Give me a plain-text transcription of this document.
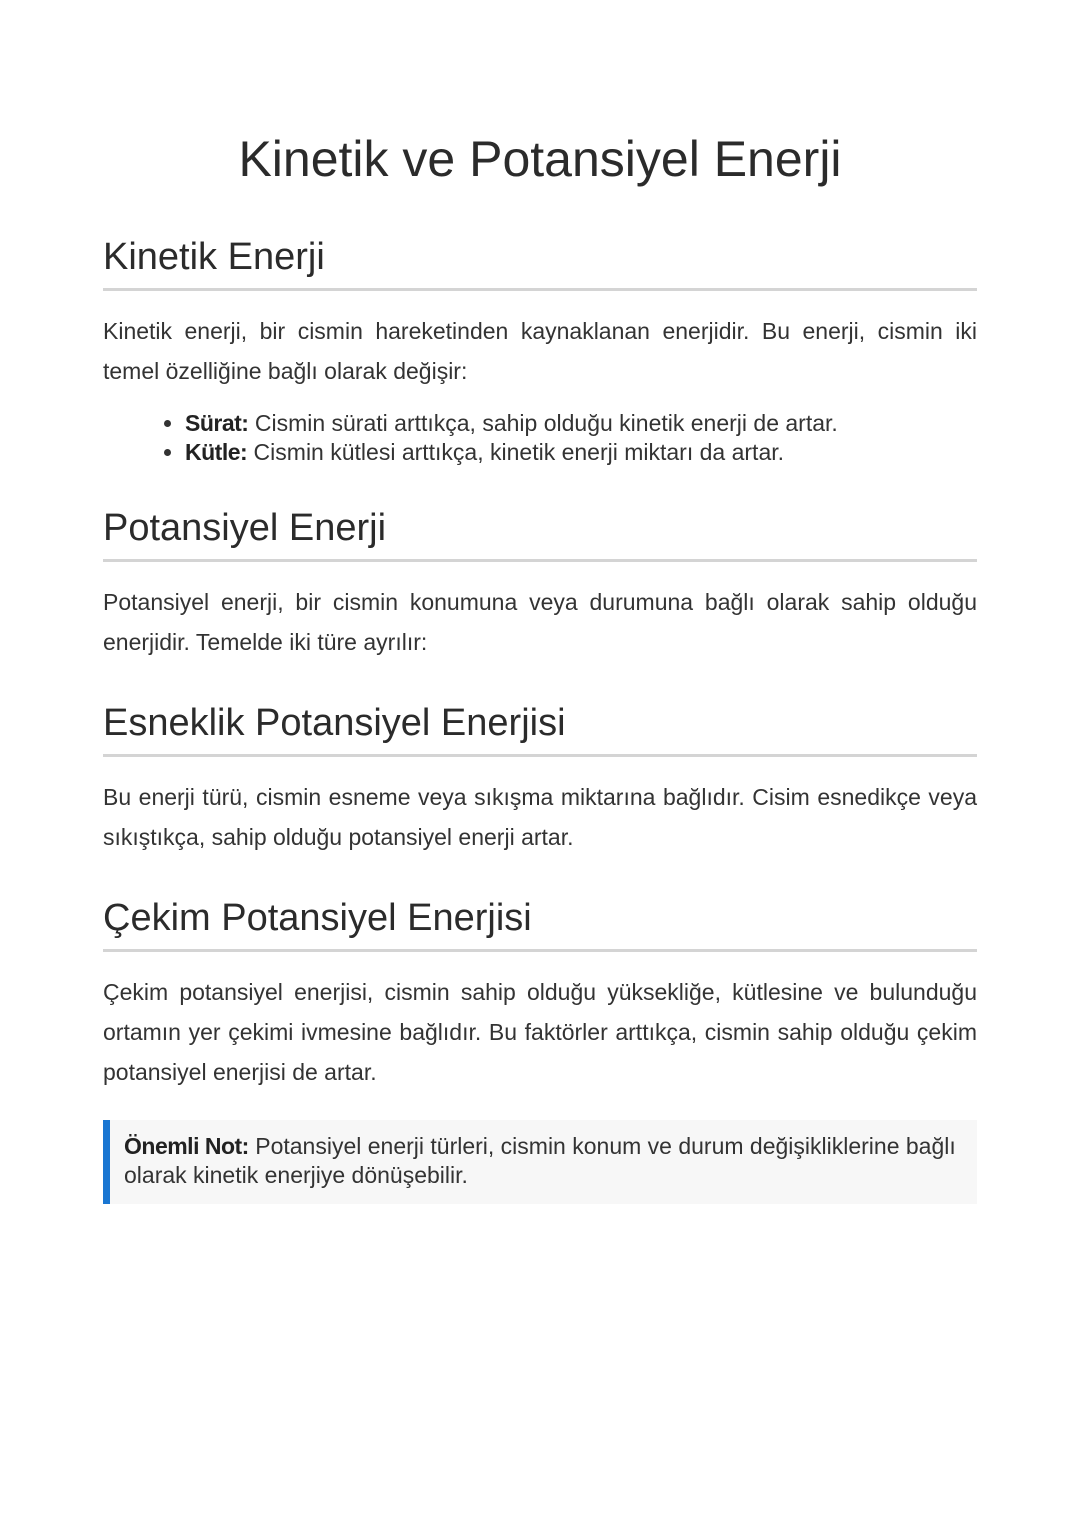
Kinetik ve Potansiyel Enerji
Kinetik Enerji

Kinetik enerji, bir cismin hareketinden kaynaklanan enerjidir. Bu enerji, cismin iki temel özelliğine bağlı olarak değişir:

• Sürat: Cismin sürati arttıkça, sahip olduğu kinetik enerji de artar.
• Kütle: Cismin kütlesi arttıkça, kinetik enerji miktarı da artar.
Potansiyel Enerji

Potansiyel enerji, bir cismin konumuna veya durumuna bağlı olarak sahip olduğu enerjidir. Temelde iki türe ayrılır:

Esneklik Potansiyel Enerjisi

Bu enerji türü, cismin esneme veya sıkışma miktarına bağlıdır. Cisim esnedikçe veya sıkıştıkça, sahip olduğu potansiyel enerji artar.

Çekim Potansiyel Enerjisi

Çekim potansiyel enerjisi, cismin sahip olduğu yüksekliğe, kütlesine ve bulunduğu ortamın yer çekimi ivmesine bağlıdır. Bu faktörler arttıkça, cismin sahip olduğu çekim potansiyel enerjisi de artar.

Önemli Not: Potansiyel enerji türleri, cismin konum ve durum değişikliklerine bağlı olarak kinetik enerjiye dönüşebilir.
